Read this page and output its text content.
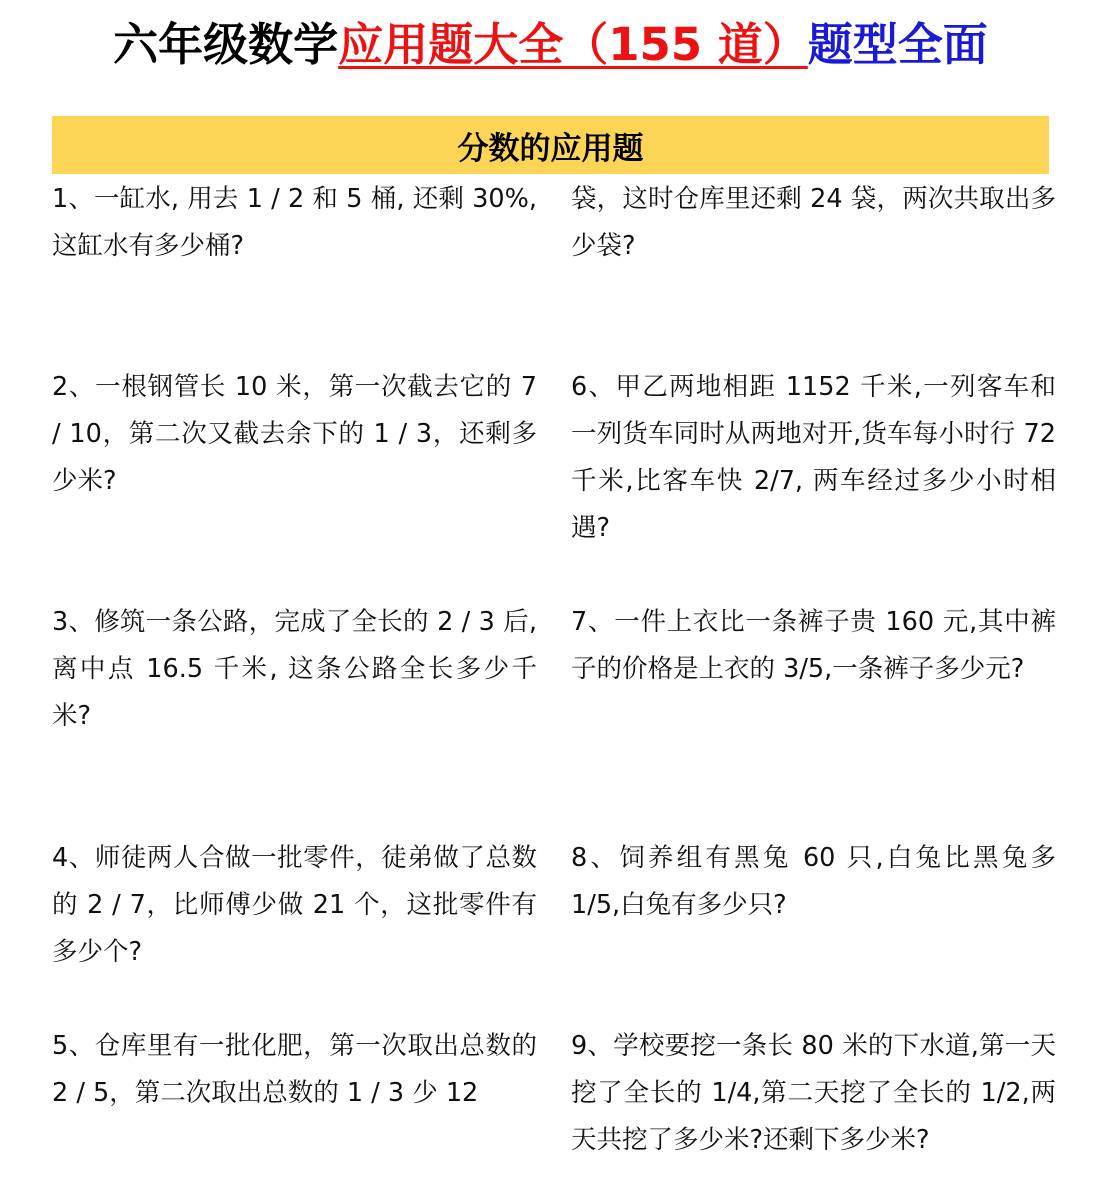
六年级数学应用题大全（155 道）题型全面
分数的应用题
1、一缸水, 用去 1 / 2 和 5 桶, 还剩 30%, 这缸水有多少桶?
2、一根钢管长 10 米，第一次截去它的 7 / 10，第二次又截去余下的 1 / 3，还剩多少米?
3、修筑一条公路，完成了全长的 2 / 3 后,离中点 16.5 千米, 这条公路全长多少千米?
4、师徒两人合做一批零件，徒弟做了总数的 2 / 7，比师傅少做 21 个，这批零件有多少个?
5、仓库里有一批化肥，第一次取出总数的 2 / 5，第二次取出总数的 1 / 3 少 12
袋，这时仓库里还剩 24 袋，两次共取出多少袋?
6、甲乙两地相距 1152 千米,一列客车和一列货车同时从两地对开,货车每小时行 72 千米,比客车快 2/7, 两车经过多少小时相遇?
7、一件上衣比一条裤子贵 160 元,其中裤子的价格是上衣的 3/5,一条裤子多少元?
8、饲养组有黑兔 60 只,白兔比黑兔多 1/5,白兔有多少只?
9、学校要挖一条长 80 米的下水道,第一天挖了全长的 1/4,第二天挖了全长的 1/2,两天共挖了多少米?还剩下多少米?
